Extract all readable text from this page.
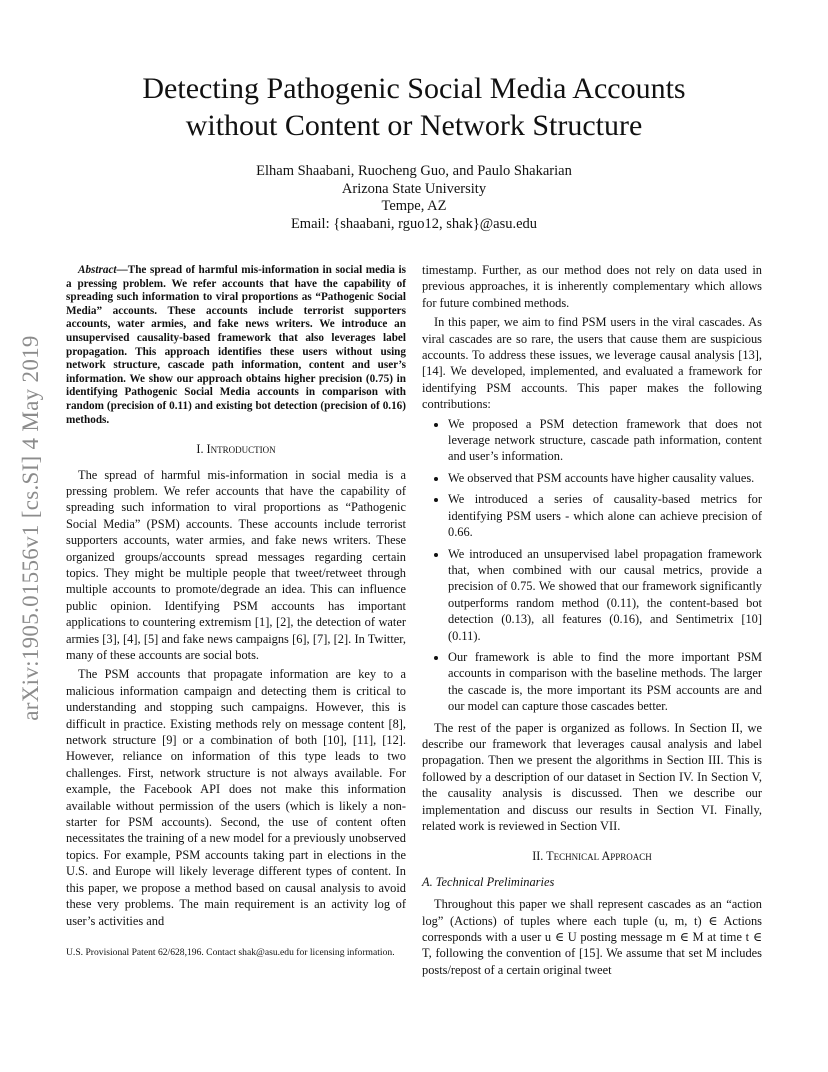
arXiv:1905.01556v1 [cs.SI] 4 May 2019
Detecting Pathogenic Social Media Accounts
without Content or Network Structure
Elham Shaabani, Ruocheng Guo, and Paulo Shakarian
Arizona State University
Tempe, AZ
Email: {shaabani, rguo12, shak}@asu.edu

Abstract—The spread of harmful mis-information in social media is a pressing problem. We refer accounts that have the capability of spreading such information to viral proportions as “Pathogenic Social Media” accounts. These accounts include terrorist supporters accounts, water armies, and fake news writers. We introduce an unsupervised causality-based framework that also leverages label propagation. This approach identifies these users without using network structure, cascade path information, content and user’s information. We show our approach obtains higher precision (0.75) in identifying Pathogenic Social Media accounts in comparison with random (precision of 0.11) and existing bot detection (precision of 0.16) methods.

I. Introduction

The spread of harmful mis-information in social media is a pressing problem. We refer accounts that have the capability of spreading such information to viral proportions as “Pathogenic Social Media” (PSM) accounts. These accounts include terrorist supporters accounts, water armies, and fake news writers. These organized groups/accounts spread messages regarding certain topics. They might be multiple people that tweet/retweet through multiple accounts to promote/degrade an idea. This can influence public opinion. Identifying PSM accounts has important applications to countering extremism [1], [2], the detection of water armies [3], [4], [5] and fake news campaigns [6], [7], [2]. In Twitter, many of these accounts are social bots.

The PSM accounts that propagate information are key to a malicious information campaign and detecting them is critical to understanding and stopping such campaigns. However, this is difficult in practice. Existing methods rely on message content [8], network structure [9] or a combination of both [10], [11], [12]. However, reliance on information of this type leads to two challenges. First, network structure is not always available. For example, the Facebook API does not make this information available without permission of the users (which is likely a non-starter for PSM accounts). Second, the use of content often necessitates the training of a new model for a previously unobserved topics. For example, PSM accounts taking part in elections in the U.S. and Europe will likely leverage different types of content. In this paper, we propose a method based on causal analysis to avoid these very problems. The main requirement is an activity log of user’s activities and

U.S. Provisional Patent 62/628,196. Contact shak@asu.edu for licensing information.

timestamp. Further, as our method does not rely on data used in previous approaches, it is inherently complementary which allows for future combined methods.

In this paper, we aim to find PSM users in the viral cascades. As viral cascades are so rare, the users that cause them are suspicious accounts. To address these issues, we leverage causal analysis [13], [14]. We developed, implemented, and evaluated a framework for identifying PSM accounts. This paper makes the following contributions:

• We proposed a PSM detection framework that does not leverage network structure, cascade path information, content and user’s information.
• We observed that PSM accounts have higher causality values.
• We introduced a series of causality-based metrics for identifying PSM users - which alone can achieve precision of 0.66.
• We introduced an unsupervised label propagation framework that, when combined with our causal metrics, provide a precision of 0.75. We showed that our framework significantly outperforms random method (0.11), the content-based bot detection (0.13), all features (0.16), and Sentimetrix [10] (0.11).
• Our framework is able to find the more important PSM accounts in comparison with the baseline methods. The larger the cascade is, the more important its PSM accounts are and our model can capture those cascades better.

The rest of the paper is organized as follows. In Section II, we describe our framework that leverages causal analysis and label propagation. Then we present the algorithms in Section III. This is followed by a description of our dataset in Section IV. In Section V, the causality analysis is discussed. Then we describe our implementation and discuss our results in Section VI. Finally, related work is reviewed in Section VII.

II. Technical Approach
A. Technical Preliminaries

Throughout this paper we shall represent cascades as an “action log” (Actions) of tuples where each tuple (u, m, t) ∈ Actions corresponds with a user u ∈ U posting message m ∈ M at time t ∈ T, following the convention of [15]. We assume that set M includes posts/repost of a certain original tweet
